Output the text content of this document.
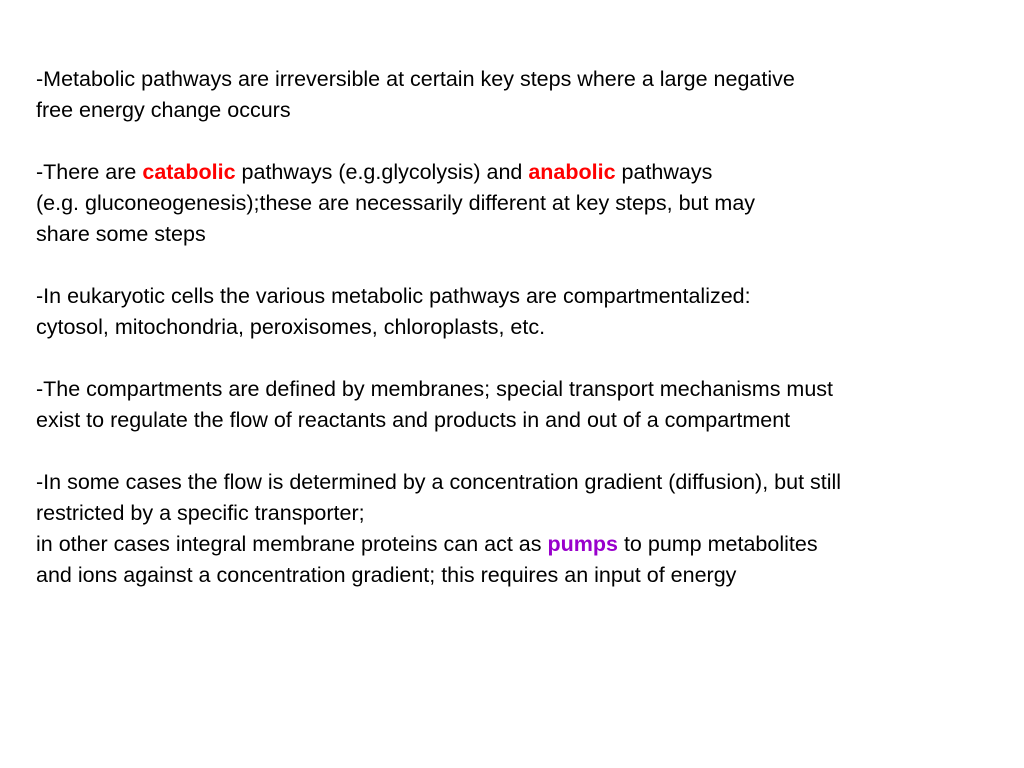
-Metabolic pathways are irreversible at certain key steps where a large negative
free energy change occurs
-There are catabolic pathways (e.g.glycolysis) and anabolic pathways
(e.g. gluconeogenesis);these are necessarily different at key steps, but may
share some steps
-In eukaryotic cells the various metabolic pathways are compartmentalized:
cytosol, mitochondria, peroxisomes, chloroplasts, etc.
-The compartments are defined by membranes; special transport mechanisms must
exist to regulate the flow of reactants and products in and out of a compartment
-In some cases the flow is determined by a concentration gradient (diffusion), but still
restricted by a specific transporter;
in other cases integral membrane proteins can act as pumps to pump metabolites
and ions against a concentration gradient; this requires an input of energy
